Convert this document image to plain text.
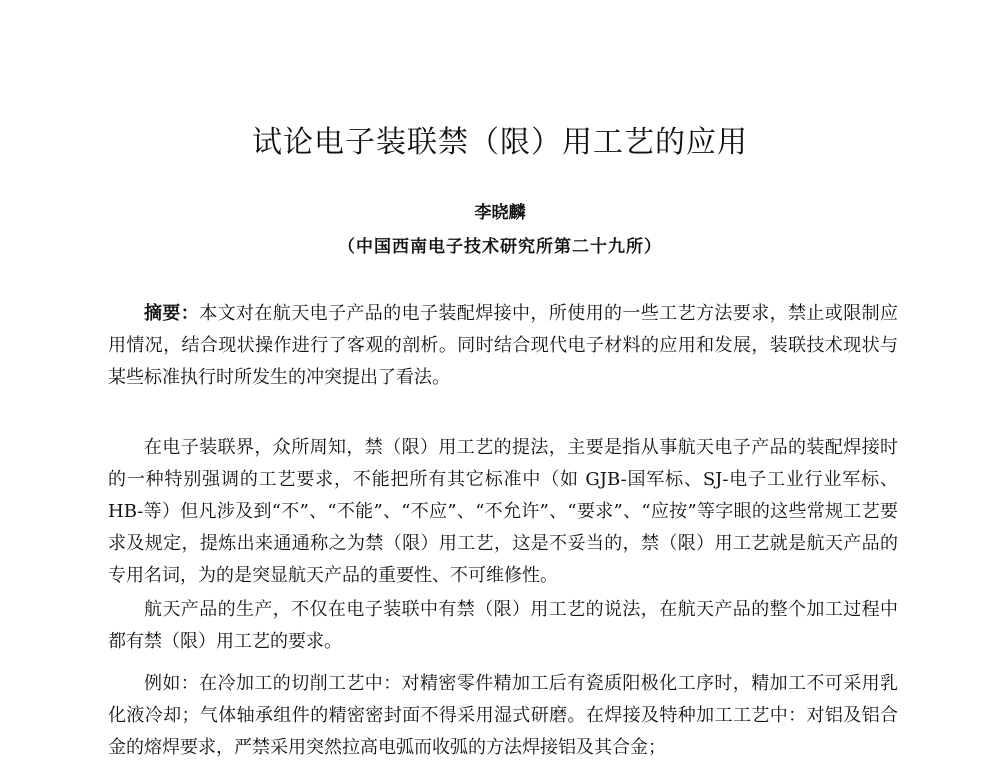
试论电子装联禁（限）用工艺的应用
李晓麟
（中国西南电子技术研究所第二十九所）

摘要：本文对在航天电子产品的电子装配焊接中，所使用的一些工艺方法要求，禁止或限制应用情况，结合现状操作进行了客观的剖析。同时结合现代电子材料的应用和发展，装联技术现状与某些标准执行时所发生的冲突提出了看法。

在电子装联界，众所周知，禁（限）用工艺的提法，主要是指从事航天电子产品的装配焊接时的一种特别强调的工艺要求，不能把所有其它标准中（如 GJB-国军标、SJ-电子工业行业军标、HB-等）但凡涉及到“不”、“不能”、“不应”、“不允许”、“要求”、“应按”等字眼的这些常规工艺要求及规定，提炼出来通通称之为禁（限）用工艺，这是不妥当的，禁（限）用工艺就是航天产品的专用名词，为的是突显航天产品的重要性、不可维修性。

航天产品的生产，不仅在电子装联中有禁（限）用工艺的说法，在航天产品的整个加工过程中都有禁（限）用工艺的要求。

例如：在冷加工的切削工艺中：对精密零件精加工后有瓷质阳极化工序时，精加工不可采用乳化液冷却；气体轴承组件的精密密封面不得采用湿式研磨。在焊接及特种加工工艺中：对铝及铝合金的熔焊要求，严禁采用突然拉高电弧而收弧的方法焊接铝及其合金；
